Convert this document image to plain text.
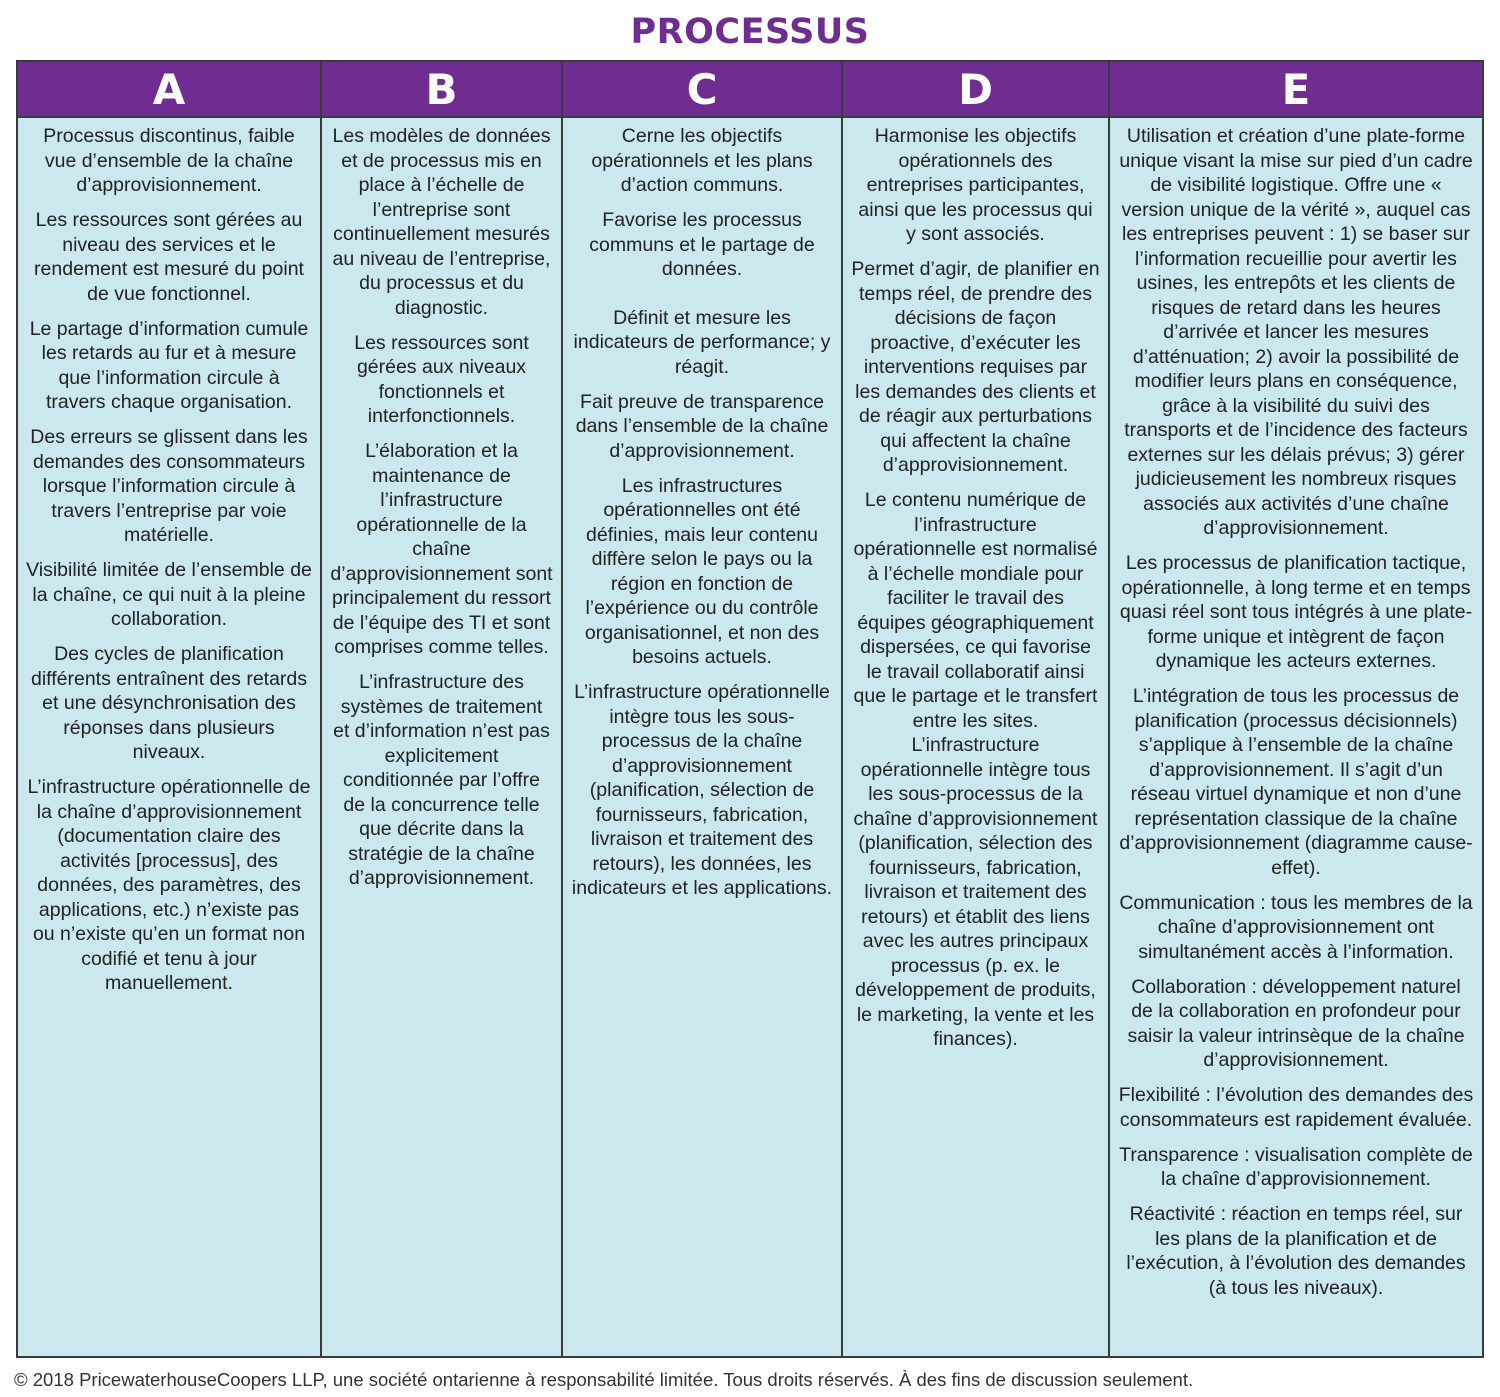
PROCESSUS
A

Processus discontinus, faible vue d’ensemble de la chaîne d’approvisionnement.

Les ressources sont gérées au niveau des services et le rendement est mesuré du point de vue fonctionnel.

Le partage d’information cumule les retards au fur et à mesure que l’information circule à travers chaque organisation.

Des erreurs se glissent dans les demandes des consommateurs lorsque l’information circule à travers l’entreprise par voie matérielle.

Visibilité limitée de l’ensemble de la chaîne, ce qui nuit à la pleine collaboration.

Des cycles de planification différents entraînent des retards et une désynchronisation des réponses dans plusieurs niveaux.

L’infrastructure opérationnelle de la chaîne d’approvisionnement (documentation claire des activités [processus], des données, des paramètres, des applications, etc.) n’existe pas ou n’existe qu’en un format non codifié et tenu à jour manuellement.

B

Les modèles de données et de processus mis en place à l’échelle de l’entreprise sont continuellement mesurés au niveau de l’entreprise, du processus et du diagnostic.

Les ressources sont gérées aux niveaux fonctionnels et interfonctionnels.

L’élaboration et la maintenance de l’infrastructure opérationnelle de la chaîne d’approvisionnement sont principalement du ressort de l’équipe des TI et sont comprises comme telles.

L’infrastructure des systèmes de traitement et d’information n’est pas explicitement conditionnée par l’offre de la concurrence telle que décrite dans la stratégie de la chaîne d’approvisionnement.

C

Cerne les objectifs opérationnels et les plans d’action communs.

Favorise les processus communs et le partage de données.

Définit et mesure les indicateurs de performance; y réagit.

Fait preuve de transparence dans l’ensemble de la chaîne d’approvisionnement.

Les infrastructures opérationnelles ont été définies, mais leur contenu diffère selon le pays ou la région en fonction de l’expérience ou du contrôle organisationnel, et non des besoins actuels.

L’infrastructure opérationnelle intègre tous les sous-processus de la chaîne d’approvisionnement (planification, sélection de fournisseurs, fabrication, livraison et traitement des retours), les données, les indicateurs et les applications.

D

Harmonise les objectifs opérationnels des entreprises participantes, ainsi que les processus qui y sont associés.

Permet d’agir, de planifier en temps réel, de prendre des décisions de façon proactive, d’exécuter les interventions requises par les demandes des clients et de réagir aux perturbations qui affectent la chaîne d’approvisionnement.

Le contenu numérique de l’infrastructure opérationnelle est normalisé à l’échelle mondiale pour faciliter le travail des équipes géographiquement dispersées, ce qui favorise le travail collaboratif ainsi que le partage et le transfert entre les sites. L’infrastructure opérationnelle intègre tous les sous-processus de la chaîne d’approvisionnement (planification, sélection des fournisseurs, fabrication, livraison et traitement des retours) et établit des liens avec les autres principaux processus (p. ex. le développement de produits, le marketing, la vente et les finances).

E

Utilisation et création d’une plate-forme unique visant la mise sur pied d’un cadre de visibilité logistique. Offre une « version unique de la vérité », auquel cas les entreprises peuvent : 1) se baser sur l’information recueillie pour avertir les usines, les entrepôts et les clients de risques de retard dans les heures d’arrivée et lancer les mesures d’atténuation; 2) avoir la possibilité de modifier leurs plans en conséquence, grâce à la visibilité du suivi des transports et de l’incidence des facteurs externes sur les délais prévus; 3) gérer judicieusement les nombreux risques associés aux activités d’une chaîne d’approvisionnement.

Les processus de planification tactique, opérationnelle, à long terme et en temps quasi réel sont tous intégrés à une plate-forme unique et intègrent de façon dynamique les acteurs externes.

L’intégration de tous les processus de planification (processus décisionnels) s’applique à l’ensemble de la chaîne d’approvisionnement. Il s’agit d’un réseau virtuel dynamique et non d’une représentation classique de la chaîne d’approvisionnement (diagramme cause-effet).

Communication : tous les membres de la chaîne d’approvisionnement ont simultanément accès à l’information.

Collaboration : développement naturel de la collaboration en profondeur pour saisir la valeur intrinsèque de la chaîne d’approvisionnement.

Flexibilité : l’évolution des demandes des consommateurs est rapidement évaluée.

Transparence : visualisation complète de la chaîne d’approvisionnement.

Réactivité : réaction en temps réel, sur les plans de la planification et de l’exécution, à l’évolution des demandes (à tous les niveaux).

© 2018 PricewaterhouseCoopers LLP, une société ontarienne à responsabilité limitée. Tous droits réservés. À des fins de discussion seulement.
